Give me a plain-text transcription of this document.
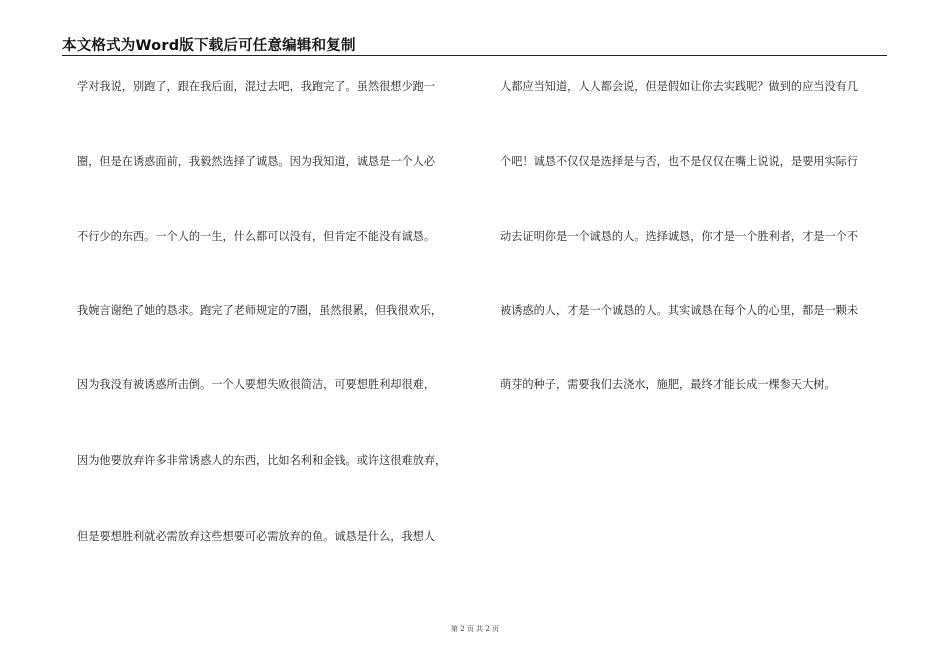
本文格式为Word版下载后可任意编辑和复制
学对我说，别跑了，跟在我后面，混过去吧，我跑完了。虽然很想少跑一
圈，但是在诱惑面前，我毅然选择了诚恳。因为我知道，诚恳是一个人必
不行少的东西。一个人的一生，什么都可以没有，但肯定不能没有诚恳。
我婉言谢绝了她的恳求。跑完了老师规定的7圈，虽然很累，但我很欢乐，
因为我没有被诱惑所击倒。一个人要想失败很简洁，可要想胜利却很难，
因为他要放弃许多非常诱惑人的东西，比如名利和金钱。或许这很难放弃，
但是要想胜利就必需放弃这些想要可必需放弃的鱼。诚恳是什么，我想人
人都应当知道，人人都会说，但是假如让你去实践呢？做到的应当没有几
个吧！诚恳不仅仅是选择是与否，也不是仅仅在嘴上说说，是要用实际行
动去证明你是一个诚恳的人。选择诚恳，你才是一个胜利者，才是一个不
被诱惑的人，才是一个诚恳的人。其实诚恳在每个人的心里，都是一颗未
萌芽的种子，需要我们去浇水，施肥，最终才能长成一棵参天大树。
第 2 页 共 2 页
